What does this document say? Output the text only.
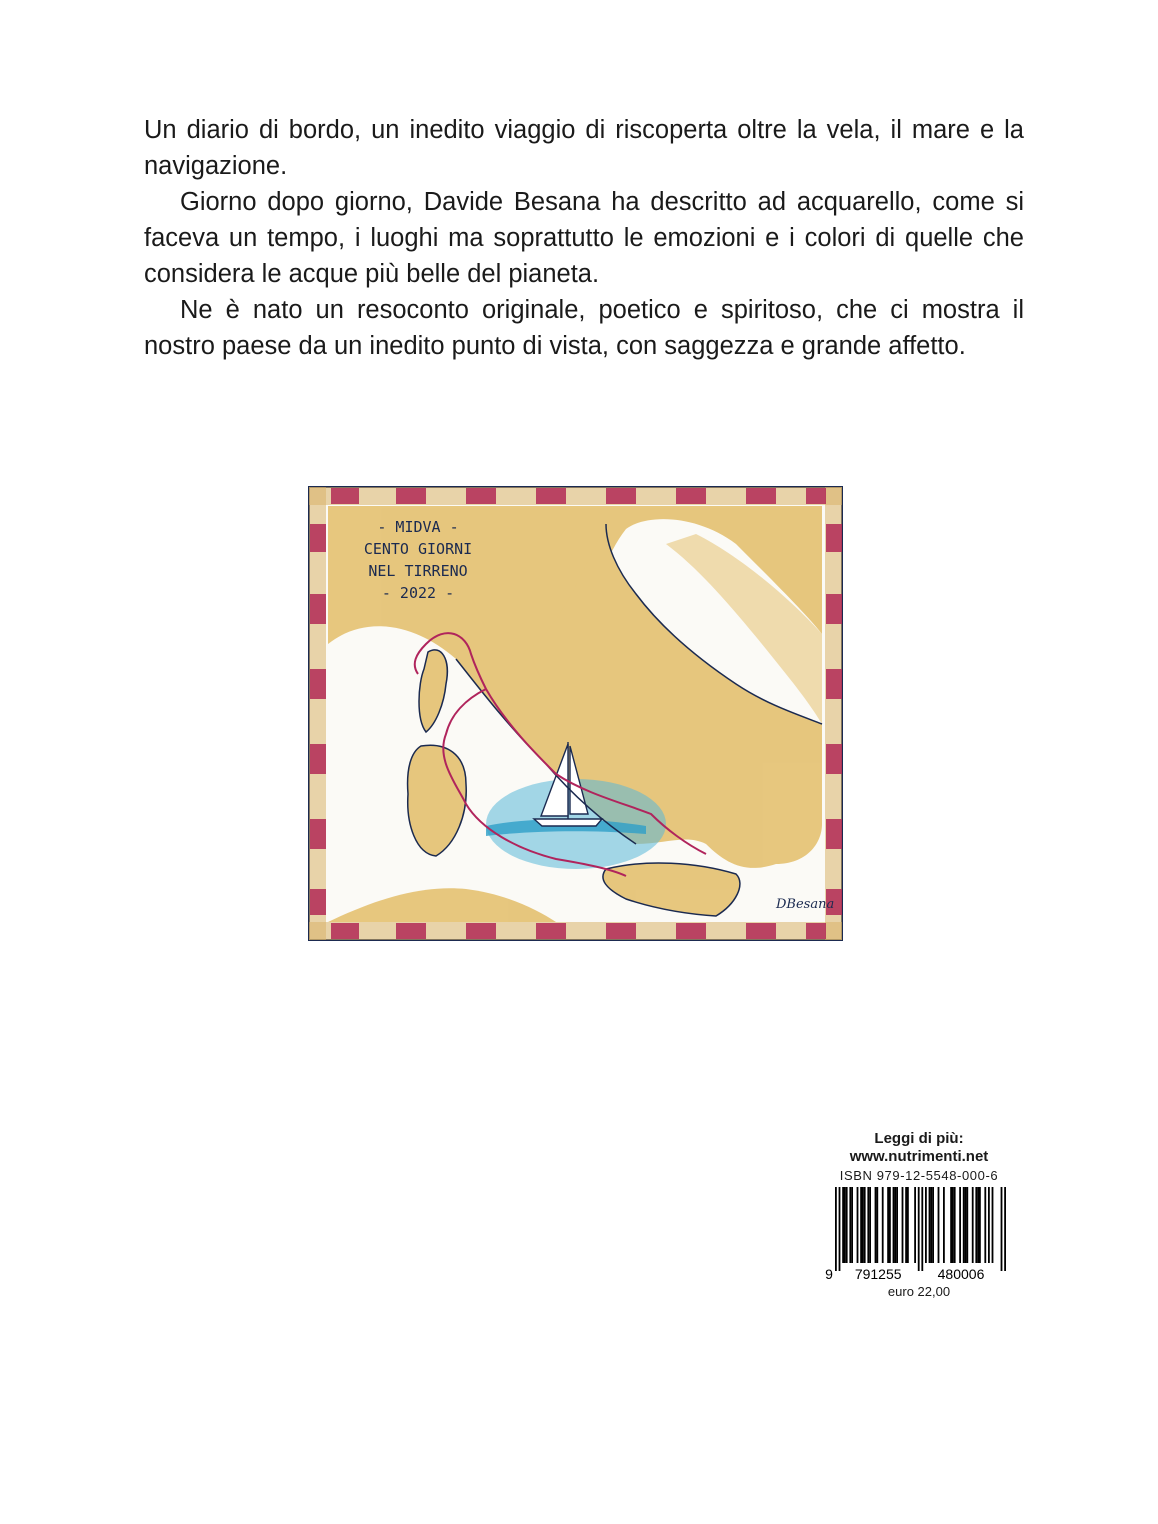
Un diario di bordo, un inedito viaggio di riscoperta oltre la vela, il mare e la navigazione.

Giorno dopo giorno, Davide Besana ha descritto ad acquarello, come si faceva un tempo, i luoghi ma soprattutto le emozioni e i colori di quelle che considera le acque più belle del pianeta.

Ne è nato un resoconto originale, poetico e spiritoso, che ci mostra il nostro paese da un inedito punto di vista, con saggezza e grande affetto.

- MIDVA -
CENTO GIORNI
NEL TIRRENO
- 2022 -
DBesana
Leggi di più:
www.nutrimenti.net
ISBN 979-12-5548-000-6
9 791255	480006
euro 22,00
